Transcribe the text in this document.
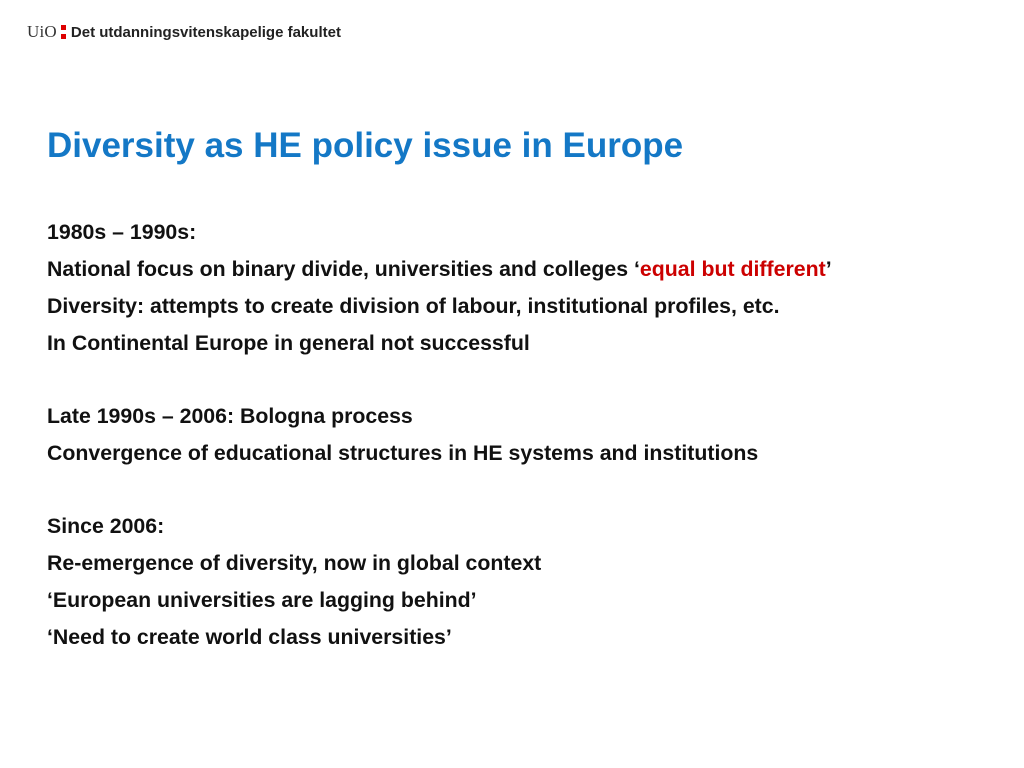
UiO Det utdanningsvitenskapelige fakultet
Diversity as HE policy issue in Europe
1980s – 1990s:
National focus on binary divide, universities and colleges ‘equal but different’
Diversity: attempts to create division of labour, institutional profiles, etc.
In Continental Europe in general not successful
Late 1990s – 2006: Bologna process
Convergence of educational structures in HE systems and institutions
Since 2006:
Re-emergence of diversity, now in global context
‘European universities are lagging behind’
‘Need to create world class universities’
